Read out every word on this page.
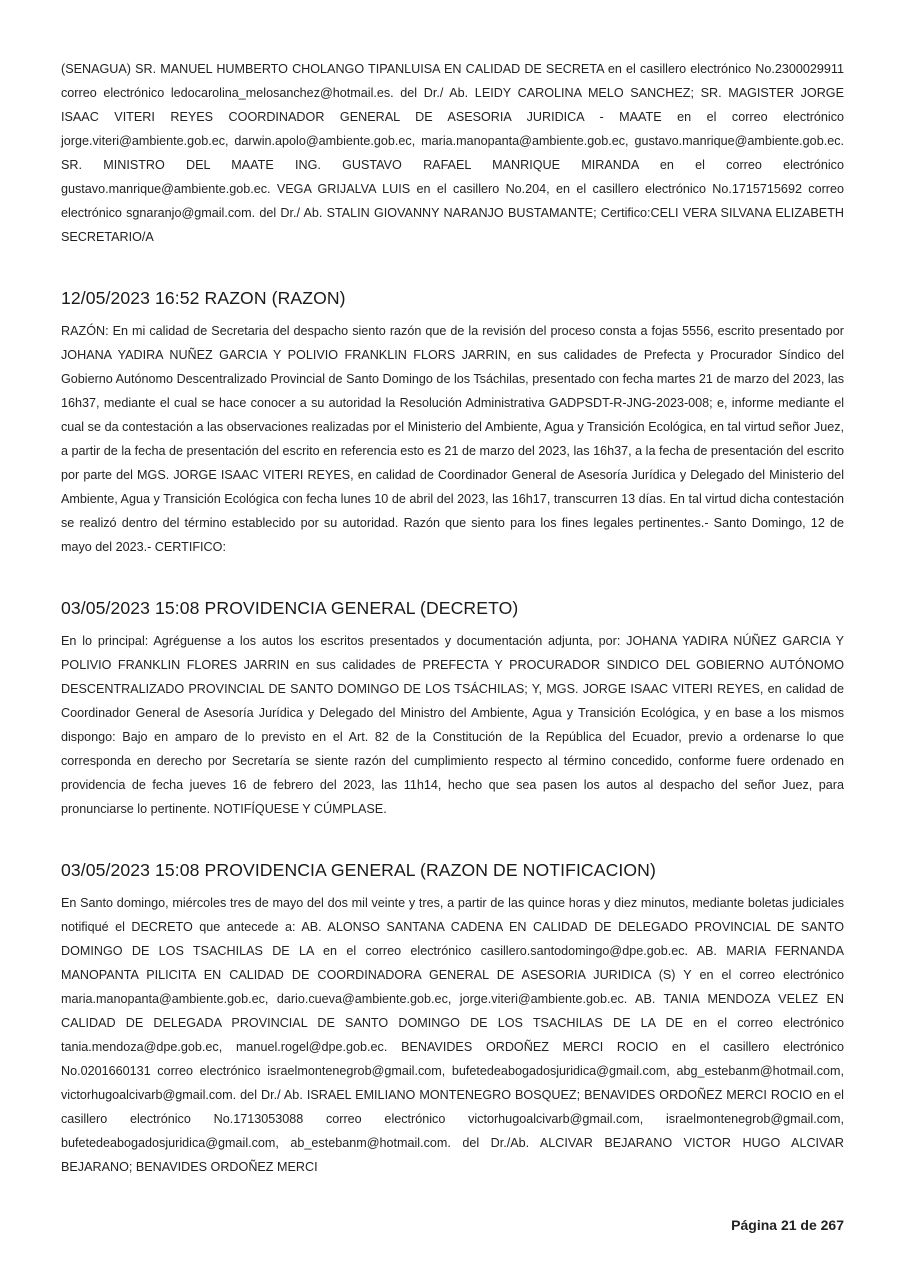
(SENAGUA) SR. MANUEL HUMBERTO CHOLANGO TIPANLUISA EN CALIDAD DE SECRETA en el casillero electrónico No.2300029911 correo electrónico ledocarolina_melosanchez@hotmail.es. del Dr./ Ab. LEIDY CAROLINA MELO SANCHEZ; SR. MAGISTER JORGE ISAAC VITERI REYES COORDINADOR GENERAL DE ASESORIA JURIDICA - MAATE en el correo electrónico jorge.viteri@ambiente.gob.ec, darwin.apolo@ambiente.gob.ec, maria.manopanta@ambiente.gob.ec, gustavo.manrique@ambiente.gob.ec. SR. MINISTRO DEL MAATE ING. GUSTAVO RAFAEL MANRIQUE MIRANDA en el correo electrónico gustavo.manrique@ambiente.gob.ec. VEGA GRIJALVA LUIS en el casillero No.204, en el casillero electrónico No.1715715692 correo electrónico sgnaranjo@gmail.com. del Dr./ Ab. STALIN GIOVANNY NARANJO BUSTAMANTE; Certifico:CELI VERA SILVANA ELIZABETH SECRETARIO/A

12/05/2023 16:52 RAZON (RAZON)

RAZÓN: En mi calidad de Secretaria del despacho siento razón que de la revisión del proceso consta a fojas 5556, escrito presentado por JOHANA YADIRA NUÑEZ GARCIA Y POLIVIO FRANKLIN FLORS JARRIN, en sus calidades de Prefecta y Procurador Síndico del Gobierno Autónomo Descentralizado Provincial de Santo Domingo de los Tsáchilas, presentado con fecha martes 21 de marzo del 2023, las 16h37, mediante el cual se hace conocer a su autoridad la Resolución Administrativa GADPSDT-R-JNG-2023-008; e, informe mediante el cual se da contestación a las observaciones realizadas por el Ministerio del Ambiente, Agua y Transición Ecológica, en tal virtud señor Juez, a partir de la fecha de presentación del escrito en referencia esto es 21 de marzo del 2023, las 16h37, a la fecha de presentación del escrito por parte del MGS. JORGE ISAAC VITERI REYES, en calidad de Coordinador General de Asesoría Jurídica y Delegado del Ministerio del Ambiente, Agua y Transición Ecológica con fecha lunes 10 de abril del 2023, las 16h17, transcurren 13 días. En tal virtud dicha contestación se realizó dentro del término establecido por su autoridad. Razón que siento para los fines legales pertinentes.- Santo Domingo, 12 de mayo del 2023.- CERTIFICO:

03/05/2023 15:08 PROVIDENCIA GENERAL (DECRETO)

En lo principal: Agréguense a los autos los escritos presentados y documentación adjunta, por: JOHANA YADIRA NÚÑEZ GARCIA Y POLIVIO FRANKLIN FLORES JARRIN en sus calidades de PREFECTA Y PROCURADOR SINDICO DEL GOBIERNO AUTÓNOMO DESCENTRALIZADO PROVINCIAL DE SANTO DOMINGO DE LOS TSÁCHILAS; Y, MGS. JORGE ISAAC VITERI REYES, en calidad de Coordinador General de Asesoría Jurídica y Delegado del Ministro del Ambiente, Agua y Transición Ecológica, y en base a los mismos dispongo: Bajo en amparo de lo previsto en el Art. 82 de la Constitución de la República del Ecuador, previo a ordenarse lo que corresponda en derecho por Secretaría se siente razón del cumplimiento respecto al término concedido, conforme fuere ordenado en providencia de fecha jueves 16 de febrero del 2023, las 11h14, hecho que sea pasen los autos al despacho del señor Juez, para pronunciarse lo pertinente. NOTIFÍQUESE Y CÚMPLASE.

03/05/2023 15:08 PROVIDENCIA GENERAL (RAZON DE NOTIFICACION)

En Santo domingo, miércoles tres de mayo del dos mil veinte y tres, a partir de las quince horas y diez minutos, mediante boletas judiciales notifiqué el DECRETO que antecede a: AB. ALONSO SANTANA CADENA EN CALIDAD DE DELEGADO PROVINCIAL DE SANTO DOMINGO DE LOS TSACHILAS DE LA en el correo electrónico casillero.santodomingo@dpe.gob.ec. AB. MARIA FERNANDA MANOPANTA PILICITA EN CALIDAD DE COORDINADORA GENERAL DE ASESORIA JURIDICA (S) Y en el correo electrónico maria.manopanta@ambiente.gob.ec, dario.cueva@ambiente.gob.ec, jorge.viteri@ambiente.gob.ec. AB. TANIA MENDOZA VELEZ EN CALIDAD DE DELEGADA PROVINCIAL DE SANTO DOMINGO DE LOS TSACHILAS DE LA DE en el correo electrónico tania.mendoza@dpe.gob.ec, manuel.rogel@dpe.gob.ec. BENAVIDES ORDOÑEZ MERCI ROCIO en el casillero electrónico No.0201660131 correo electrónico israelmontenegrob@gmail.com, bufetedeabogadosjuridica@gmail.com, abg_estebanm@hotmail.com, victorhugoalcivarb@gmail.com. del Dr./ Ab. ISRAEL EMILIANO MONTENEGRO BOSQUEZ; BENAVIDES ORDOÑEZ MERCI ROCIO en el casillero electrónico No.1713053088 correo electrónico victorhugoalcivarb@gmail.com, israelmontenegrob@gmail.com, bufetedeabogadosjuridica@gmail.com, ab_estebanm@hotmail.com. del Dr./Ab. ALCIVAR BEJARANO VICTOR HUGO ALCIVAR BEJARANO; BENAVIDES ORDOÑEZ MERCI

Página 21 de 267
